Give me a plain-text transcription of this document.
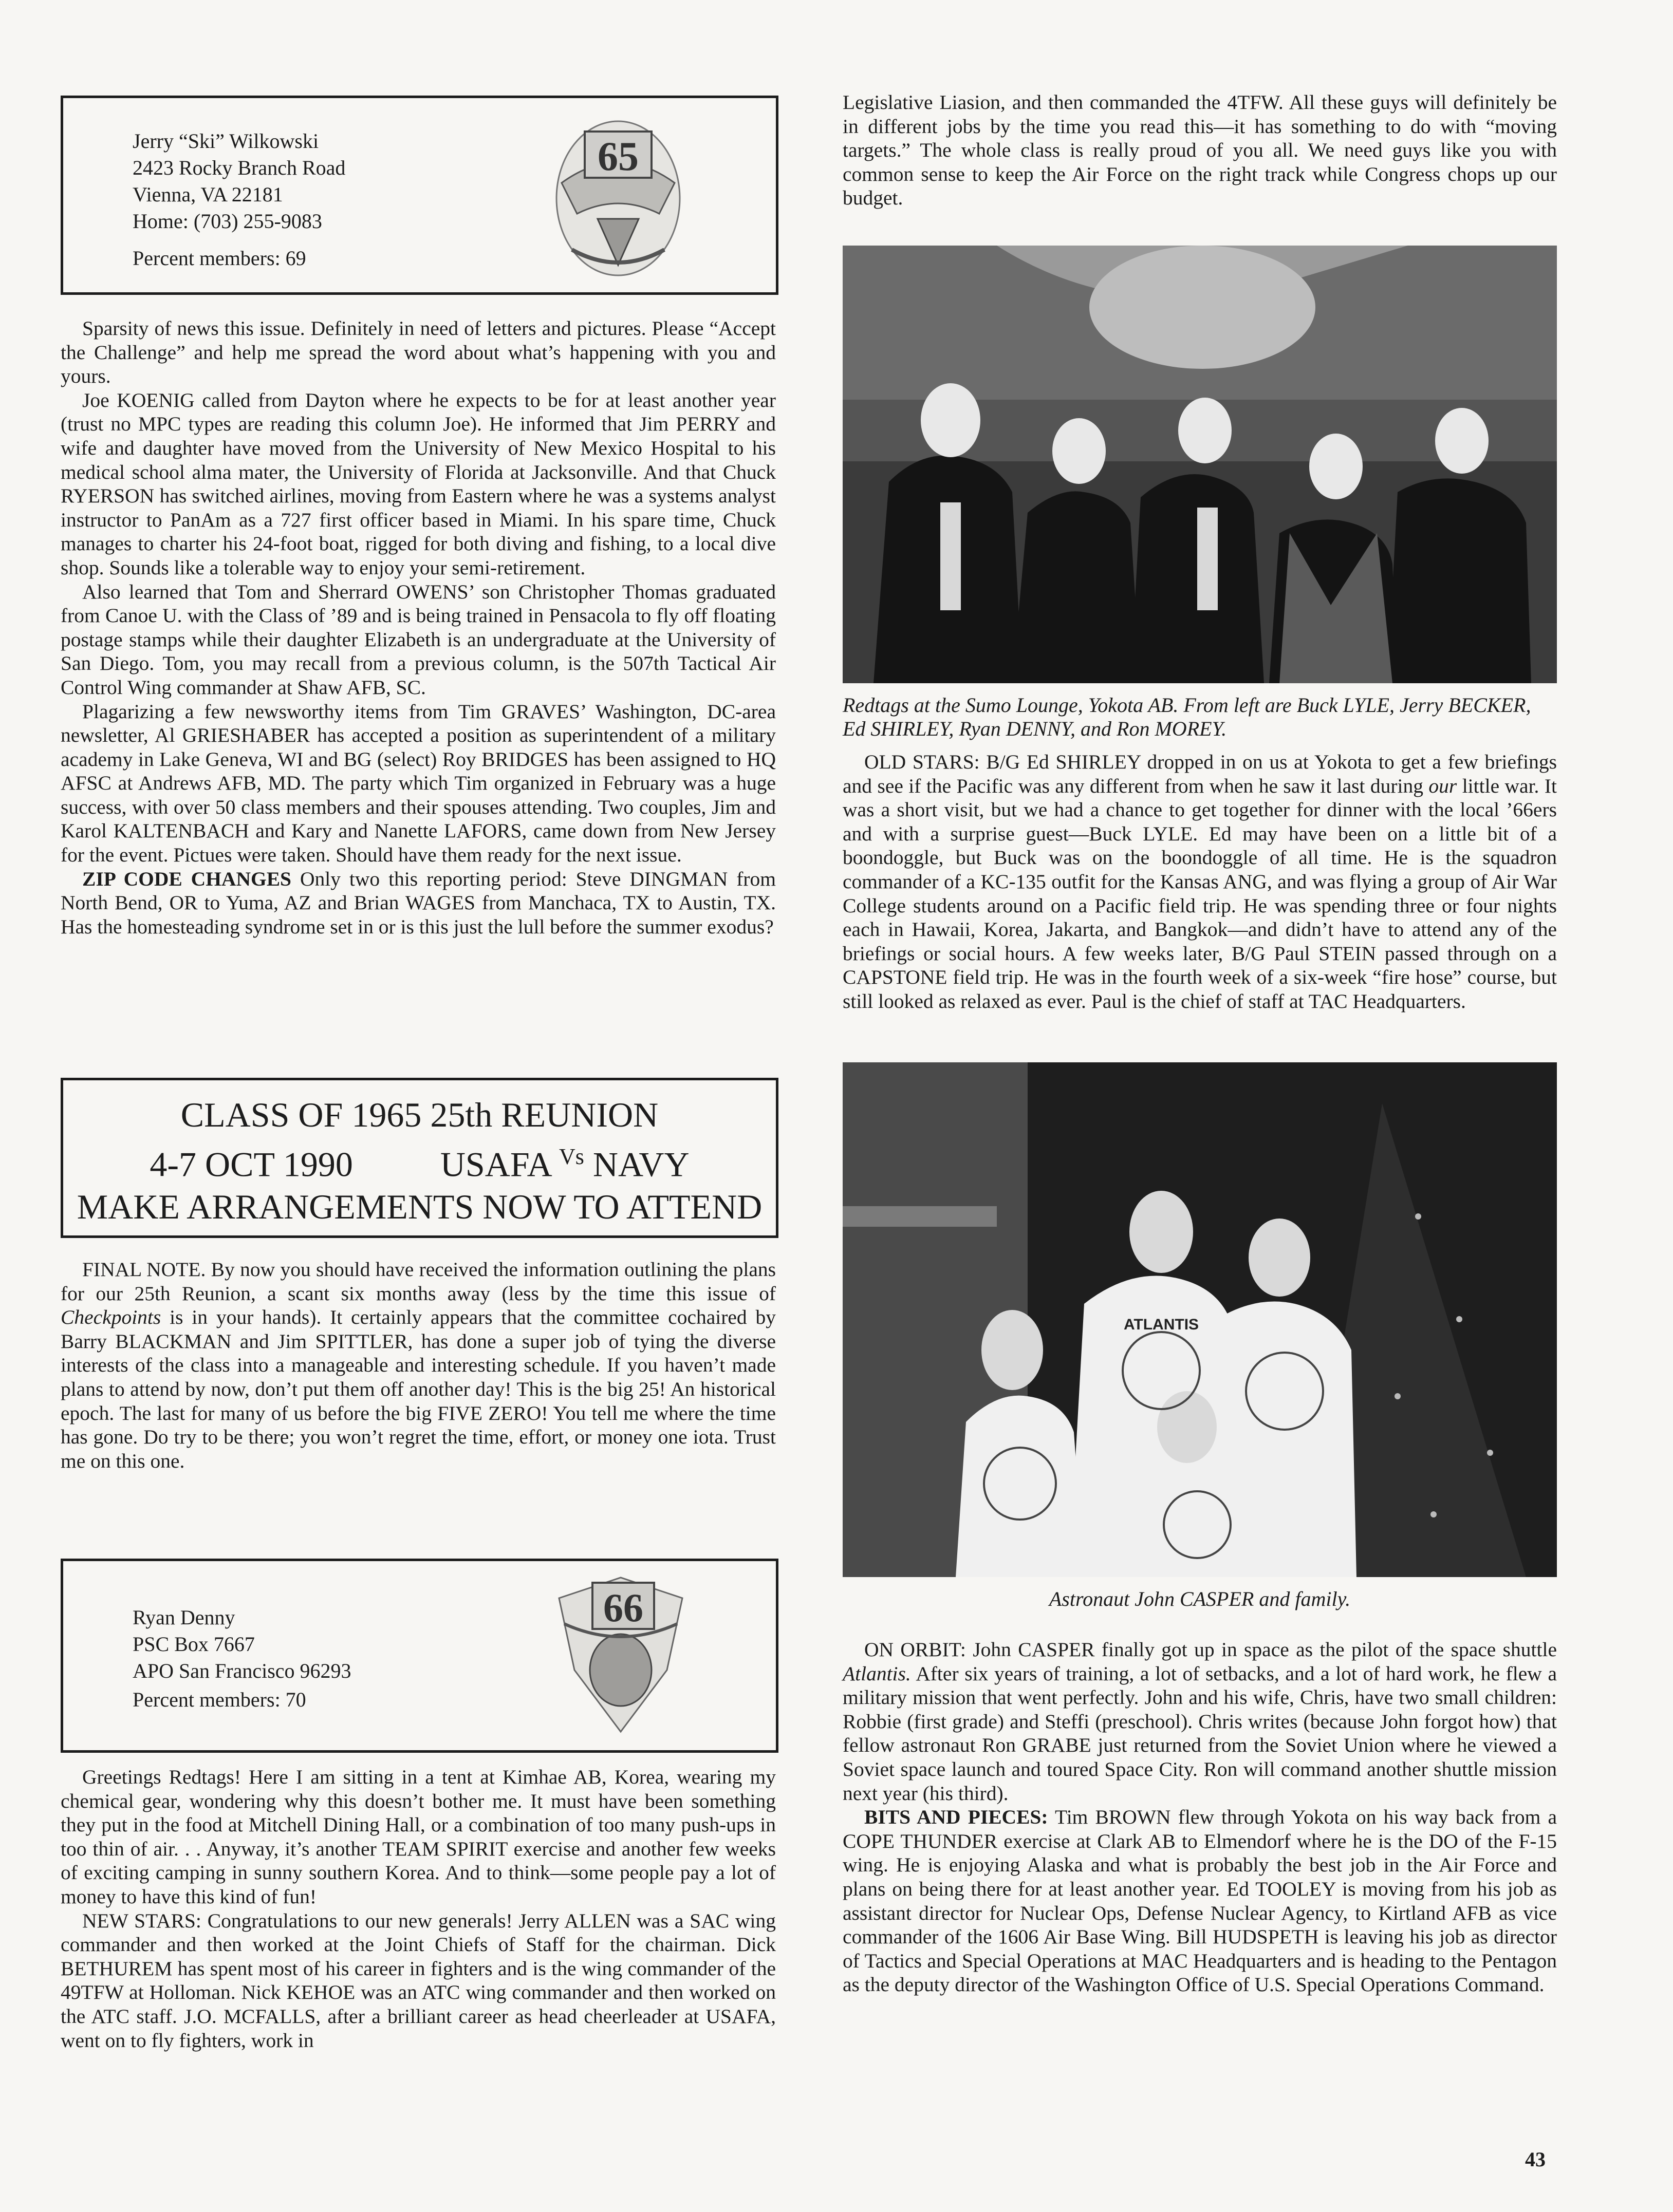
Jerry “Ski” Wilkowski
2423 Rocky Branch Road
Vienna, VA 22181
Home: (703) 255-9083
Percent members: 69
65

Sparsity of news this issue. Definitely in need of letters and pictures. Please “Accept the Challenge” and help me spread the word about what’s happening with you and yours.

Joe KOENIG called from Dayton where he expects to be for at least another year (trust no MPC types are reading this column Joe). He informed that Jim PERRY and wife and daughter have moved from the University of New Mexico Hospital to his medical school alma mater, the University of Florida at Jacksonville. And that Chuck RYERSON has switched airlines, moving from Eastern where he was a systems analyst instructor to PanAm as a 727 first officer based in Miami. In his spare time, Chuck manages to charter his 24-foot boat, rigged for both diving and fishing, to a local dive shop. Sounds like a tolerable way to enjoy your semi-retirement.

Also learned that Tom and Sherrard OWENS’ son Christopher Thomas graduated from Canoe U. with the Class of ’89 and is being trained in Pensacola to fly off floating postage stamps while their daughter Elizabeth is an undergraduate at the University of San Diego. Tom, you may recall from a previous column, is the 507th Tactical Air Control Wing commander at Shaw AFB, SC.

Plagarizing a few newsworthy items from Tim GRAVES’ Washington, DC-area newsletter, Al GRIESHABER has accepted a position as superintendent of a military academy in Lake Geneva, WI and BG (select) Roy BRIDGES has been assigned to HQ AFSC at Andrews AFB, MD. The party which Tim organized in February was a huge success, with over 50 class members and their spouses attending. Two couples, Jim and Karol KALTENBACH and Kary and Nanette LAFORS, came down from New Jersey for the event. Pictues were taken. Should have them ready for the next issue.

ZIP CODE CHANGES Only two this reporting period: Steve DINGMAN from North Bend, OR to Yuma, AZ and Brian WAGES from Manchaca, TX to Austin, TX. Has the homesteading syndrome set in or is this just the lull before the summer exodus?

CLASS OF 1965 25th REUNION
4-7 OCT 1990	USAFA $^{Vs}$ NAVY
MAKE ARRANGEMENTS NOW TO ATTEND

FINAL NOTE. By now you should have received the information outlining the plans for our 25th Reunion, a scant six months away (less by the time this issue of Checkpoints is in your hands). It certainly appears that the committee cochaired by Barry BLACKMAN and Jim SPITTLER, has done a super job of tying the diverse interests of the class into a manageable and interesting schedule. If you haven’t made plans to attend by now, don’t put them off another day! This is the big 25! An historical epoch. The last for many of us before the big FIVE ZERO! You tell me where the time has gone. Do try to be there; you won’t regret the time, effort, or money one iota. Trust me on this one.

Ryan Denny
PSC Box 7667
APO San Francisco 96293
Percent members: 70
66

Greetings Redtags! Here I am sitting in a tent at Kimhae AB, Korea, wearing my chemical gear, wondering why this doesn’t bother me. It must have been something they put in the food at Mitchell Dining Hall, or a combination of too many push-ups in too thin of air. . . Anyway, it’s another TEAM SPIRIT exercise and another few weeks of exciting camping in sunny southern Korea. And to think—some people pay a lot of money to have this kind of fun!

NEW STARS: Congratulations to our new generals! Jerry ALLEN was a SAC wing commander and then worked at the Joint Chiefs of Staff for the chairman. Dick BETHUREM has spent most of his career in fighters and is the wing commander of the 49TFW at Holloman. Nick KEHOE was an ATC wing commander and then worked on the ATC staff. J.O. MCFALLS, after a brilliant career as head cheerleader at USAFA, went on to fly fighters, work in

Legislative Liasion, and then commanded the 4TFW. All these guys will definitely be in different jobs by the time you read this—it has something to do with “moving targets.” The whole class is really proud of you all. We need guys like you with common sense to keep the Air Force on the right track while Congress chops up our budget.

Redtags at the Sumo Lounge, Yokota AB. From left are Buck LYLE, Jerry BECKER, Ed SHIRLEY, Ryan DENNY, and Ron MOREY.

OLD STARS: B/G Ed SHIRLEY dropped in on us at Yokota to get a few briefings and see if the Pacific was any different from when he saw it last during our little war. It was a short visit, but we had a chance to get together for dinner with the local ’66ers and with a surprise guest—Buck LYLE. Ed may have been on a little bit of a boondoggle, but Buck was on the boondoggle of all time. He is the squadron commander of a KC-135 outfit for the Kansas ANG, and was flying a group of Air War College students around on a Pacific field trip. He was spending three or four nights each in Hawaii, Korea, Jakarta, and Bangkok—and didn’t have to attend any of the briefings or social hours. A few weeks later, B/G Paul STEIN passed through on a CAPSTONE field trip. He was in the fourth week of a six-week “fire hose” course, but still looked as relaxed as ever. Paul is the chief of staff at TAC Headquarters.

ATLANTIS
Astronaut John CASPER and family.

ON ORBIT: John CASPER finally got up in space as the pilot of the space shuttle Atlantis. After six years of training, a lot of setbacks, and a lot of hard work, he flew a military mission that went perfectly. John and his wife, Chris, have two small children: Robbie (first grade) and Steffi (preschool). Chris writes (because John forgot how) that fellow astronaut Ron GRABE just returned from the Soviet Union where he viewed a Soviet space launch and toured Space City. Ron will command another shuttle mission next year (his third).

BITS AND PIECES: Tim BROWN flew through Yokota on his way back from a COPE THUNDER exercise at Clark AB to Elmendorf where he is the DO of the F-15 wing. He is enjoying Alaska and what is probably the best job in the Air Force and plans on being there for at least another year. Ed TOOLEY is moving from his job as assistant director for Nuclear Ops, Defense Nuclear Agency, to Kirtland AFB as vice commander of the 1606 Air Base Wing. Bill HUDSPETH is leaving his job as director of Tactics and Special Operations at MAC Headquarters and is heading to the Pentagon as the deputy director of the Washington Office of U.S. Special Operations Command.

43
